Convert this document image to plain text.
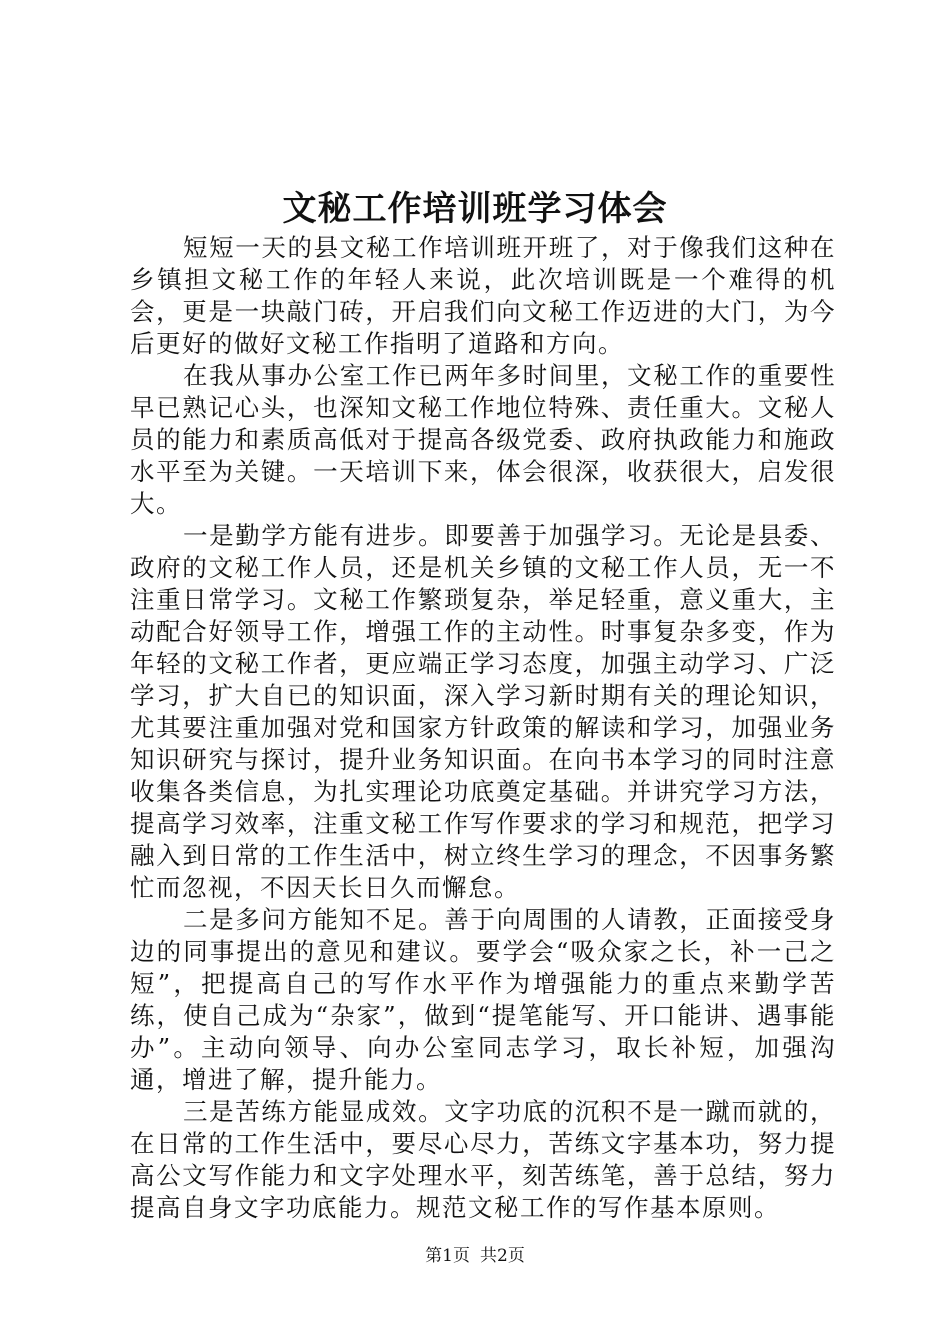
文秘工作培训班学习体会

短短一天的县文秘工作培训班开班了，对于像我们这种在乡镇担文秘工作的年轻人来说，此次培训既是一个难得的机会，更是一块敲门砖，开启我们向文秘工作迈进的大门，为今后更好的做好文秘工作指明了道路和方向。

在我从事办公室工作已两年多时间里，文秘工作的重要性早已熟记心头，也深知文秘工作地位特殊、责任重大。文秘人员的能力和素质高低对于提高各级党委、政府执政能力和施政水平至为关键。一天培训下来，体会很深，收获很大，启发很大。

一是勤学方能有进步。即要善于加强学习。无论是县委、政府的文秘工作人员，还是机关乡镇的文秘工作人员，无一不注重日常学习。文秘工作繁琐复杂，举足轻重，意义重大，主动配合好领导工作，增强工作的主动性。时事复杂多变，作为年轻的文秘工作者，更应端正学习态度，加强主动学习、广泛学习，扩大自已的知识面，深入学习新时期有关的理论知识，尤其要注重加强对党和国家方针政策的解读和学习，加强业务知识研究与探讨，提升业务知识面。在向书本学习的同时注意收集各类信息，为扎实理论功底奠定基础。并讲究学习方法，提高学习效率，注重文秘工作写作要求的学习和规范，把学习融入到日常的工作生活中，树立终生学习的理念，不因事务繁忙而忽视，不因天长日久而懈怠。

二是多问方能知不足。善于向周围的人请教，正面接受身边的同事提出的意见和建议。要学会“吸众家之长，补一己之短”，把提高自己的写作水平作为增强能力的重点来勤学苦练，使自己成为“杂家”，做到“提笔能写、开口能讲、遇事能办”。主动向领导、向办公室同志学习，取长补短，加强沟通，增进了解，提升能力。

三是苦练方能显成效。文字功底的沉积不是一蹴而就的，在日常的工作生活中，要尽心尽力，苦练文字基本功，努力提高公文写作能力和文字处理水平，刻苦练笔，善于总结，努力提高自身文字功底能力。规范文秘工作的写作基本原则。

第1页 共2页
